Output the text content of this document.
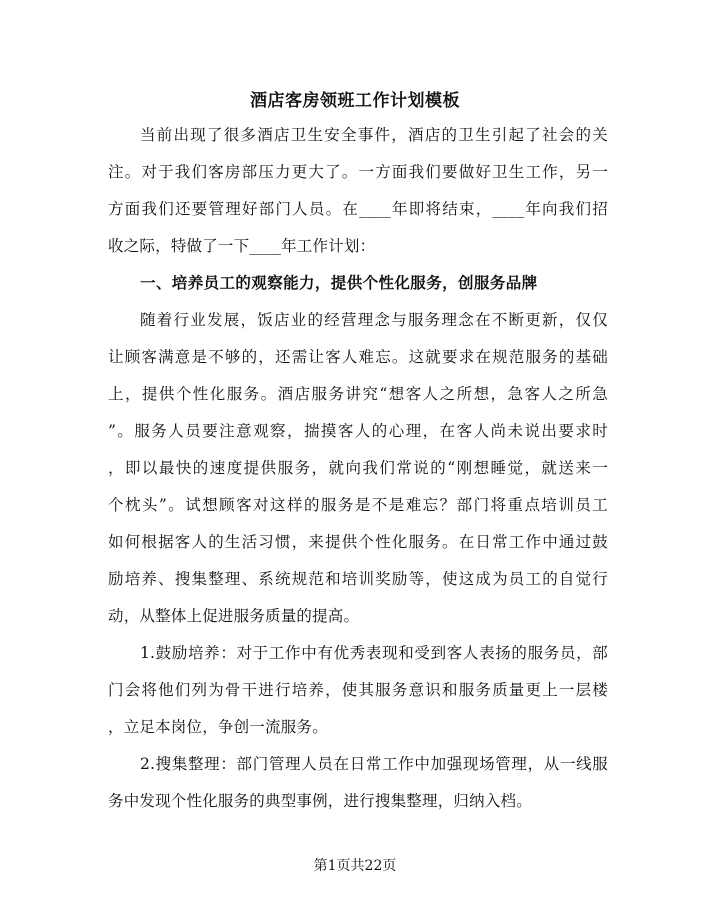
酒店客房领班工作计划模板
当前出现了很多酒店卫生安全事件，酒店的卫生引起了社会的关
注。对于我们客房部压力更大了。一方面我们要做好卫生工作，另一
方面我们还要管理好部门人员。在____年即将结束，____年向我们招
收之际，特做了一下____年工作计划：
一、培养员工的观察能力，提供个性化服务，创服务品牌
随着行业发展，饭店业的经营理念与服务理念在不断更新，仅仅
让顾客满意是不够的，还需让客人难忘。这就要求在规范服务的基础
上，提供个性化服务。酒店服务讲究“想客人之所想，急客人之所急
”。服务人员要注意观察，揣摸客人的心理，在客人尚未说出要求时
，即以最快的速度提供服务，就向我们常说的“刚想睡觉，就送来一
个枕头”。试想顾客对这样的服务是不是难忘？部门将重点培训员工
如何根据客人的生活习惯，来提供个性化服务。在日常工作中通过鼓
励培养、搜集整理、系统规范和培训奖励等，使这成为员工的自觉行
动，从整体上促进服务质量的提高。
1.鼓励培养：对于工作中有优秀表现和受到客人表扬的服务员，部
门会将他们列为骨干进行培养，使其服务意识和服务质量更上一层楼
，立足本岗位，争创一流服务。
2.搜集整理：部门管理人员在日常工作中加强现场管理，从一线服
务中发现个性化服务的典型事例，进行搜集整理，归纳入档。
第1页共22页
